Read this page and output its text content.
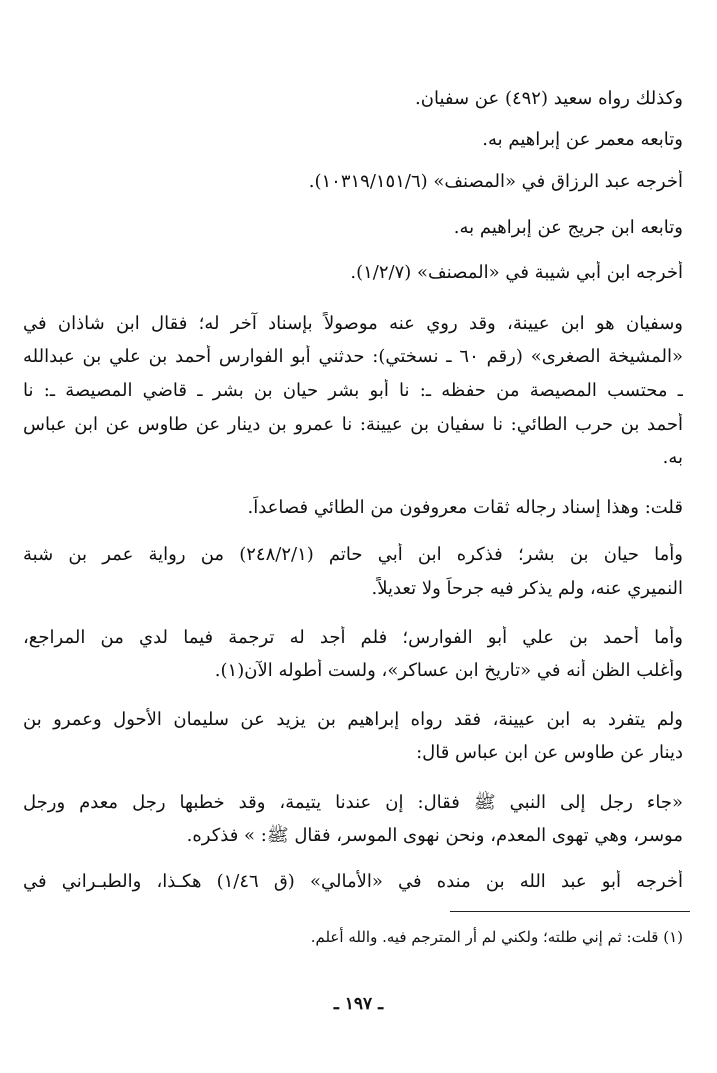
وكذلك رواه سعيد (٤٩٢) عن سفيان.
وتابعه معمر عن إبراهيم به.
أخرجه عبد الرزاق في «المصنف» (١٠٣١٩/١٥١/٦).
وتابعه ابن جريج عن إبراهيم به.
أخرجه ابن أبي شيبة في «المصنف» (١/٢/٧).
وسفيان هو ابن عيينة، وقد روي عنه موصولاً بإسناد آخر له؛ فقال ابن شاذان في
«المشيخة الصغرى» (رقم ٦٠ ـ نسختي): حدثني أبو الفوارس أحمد بن علي بن عبدالله
ـ محتسب المصيصة من حفظه ـ: نا أبو بشر حيان بن بشر ـ قاضي المصيصة ـ: نا
أحمد بن حرب الطائي: نا سفيان بن عيينة: نا عمرو بن دينار عن طاوس عن ابن عباس
به.
قلت: وهذا إسناد رجاله ثقات معروفون من الطائي فصاعداً.
وأما حيان بن بشر؛ فذكره ابن أبي حاتم (٢٤٨/٢/١) من رواية عمر بن شبة
النميري عنه، ولم يذكر فيه جرحاً ولا تعديلاً.
وأما أحمد بن علي أبو الفوارس؛ فلم أجد له ترجمة فيما لدي من المراجع،
وأغلب الظن أنه في «تاريخ ابن عساكر»، ولست أطوله الآن(١).
ولم يتفرد به ابن عيينة، فقد رواه إبراهيم بن يزيد عن سليمان الأحول وعمرو بن
دينار عن طاوس عن ابن عباس قال:
«جاء رجل إلى النبي ﷺ فقال: إن عندنا يتيمة، وقد خطبها رجل معدم ورجل
موسر، وهي تهوى المعدم، ونحن نهوى الموسر، فقال ﷺ: » فذكره.
أخرجه أبو عبد الله بن منده في «الأمالي» (ق ١/٤٦) هكـذا، والطبـراني في
(١) قلت: ثم إني طلته؛ ولكني لم أر المترجم فيه. والله أعلم.
ـ ١٩٧ ـ
